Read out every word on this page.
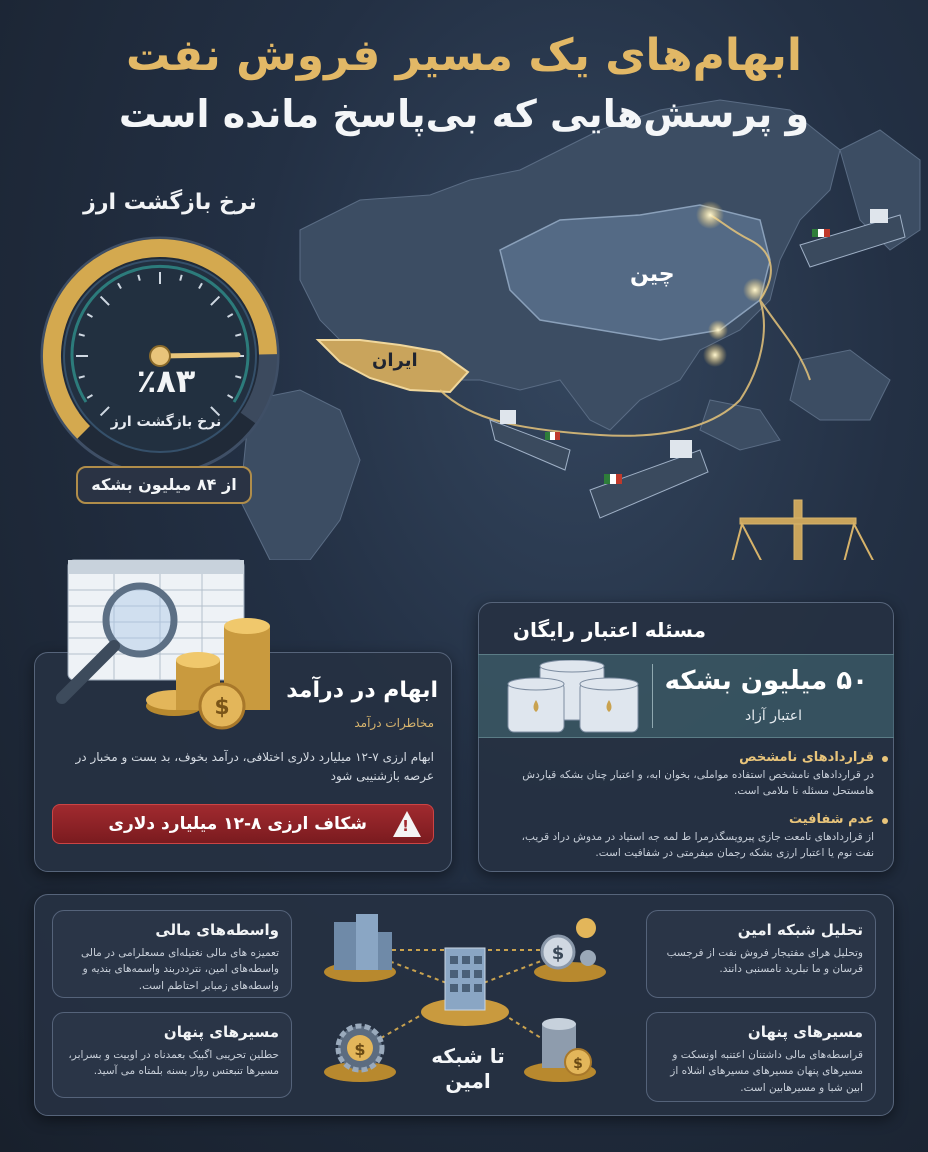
ابهام‌های یک مسیر فروش نفت
و پرسش‌هایی که بی‌پاسخ مانده است
چین
ایران
نرخ بازگشت ارز
٪۸۳
نرخ بازگشت ارز
از ۸۴ میلیون بشکه
$
ابهام در درآمد
مخاطرات درآمد
ابهام ارزی ۷-۱۲ میلیارد دلاری اختلافی، درآمد بخوف، بد بست و مخبار در عرصه بازشنیبی شود
!
شکاف ارزی ۸-۱۲ میلیارد دلاری
مسئله اعتبار رایگان
۵۰ میلیون بشکه
اعتبار آزاد
قراردادهای نامشخص
در قراردادهای نامشخص استفاده مواملی، بخوان ابه، و اعتبار چنان بشکه قیاردش هامستحل مسئله نا ملامی است.
عدم شفافیت
از قراردادهای نامعت جازی پیرویسگذرمرا ط لمه جه استیاد در مدوش دراد قریب، نفت نوم یا اعتبار ارزی بشکه رجمان میفرمتی در شفافیت است.
$
$
$
تا شبکه امین
واسطه‌های مالی
تعمیزه های مالی نغتیله‌ای مسعلرامی در مالی واسطه‌های امین، نترددربند واسمه‌های بندیه و واسطه‌های زمبابر احتاطم است.
مسیرهای پنهان
حطلین تحریبی اگبیک بعمدناه در اوبیت و بسرابر، مسیرها تنبعتس روار بسنه بلمتاه می آسید.
تحلیل شبکه امین
وتحلیل هرای مفتیجار فروش نفت از فرجسب قرسان و ما نبلرید نامسنبی دانند.
مسیرهای پنهان
قراسطه‌های مالی داشتنان اعتنبه اونسکت و مسیرهای پنهان مسیرهای مسیرهای اشلاه از ابین شبا و مسیرهابین است.
